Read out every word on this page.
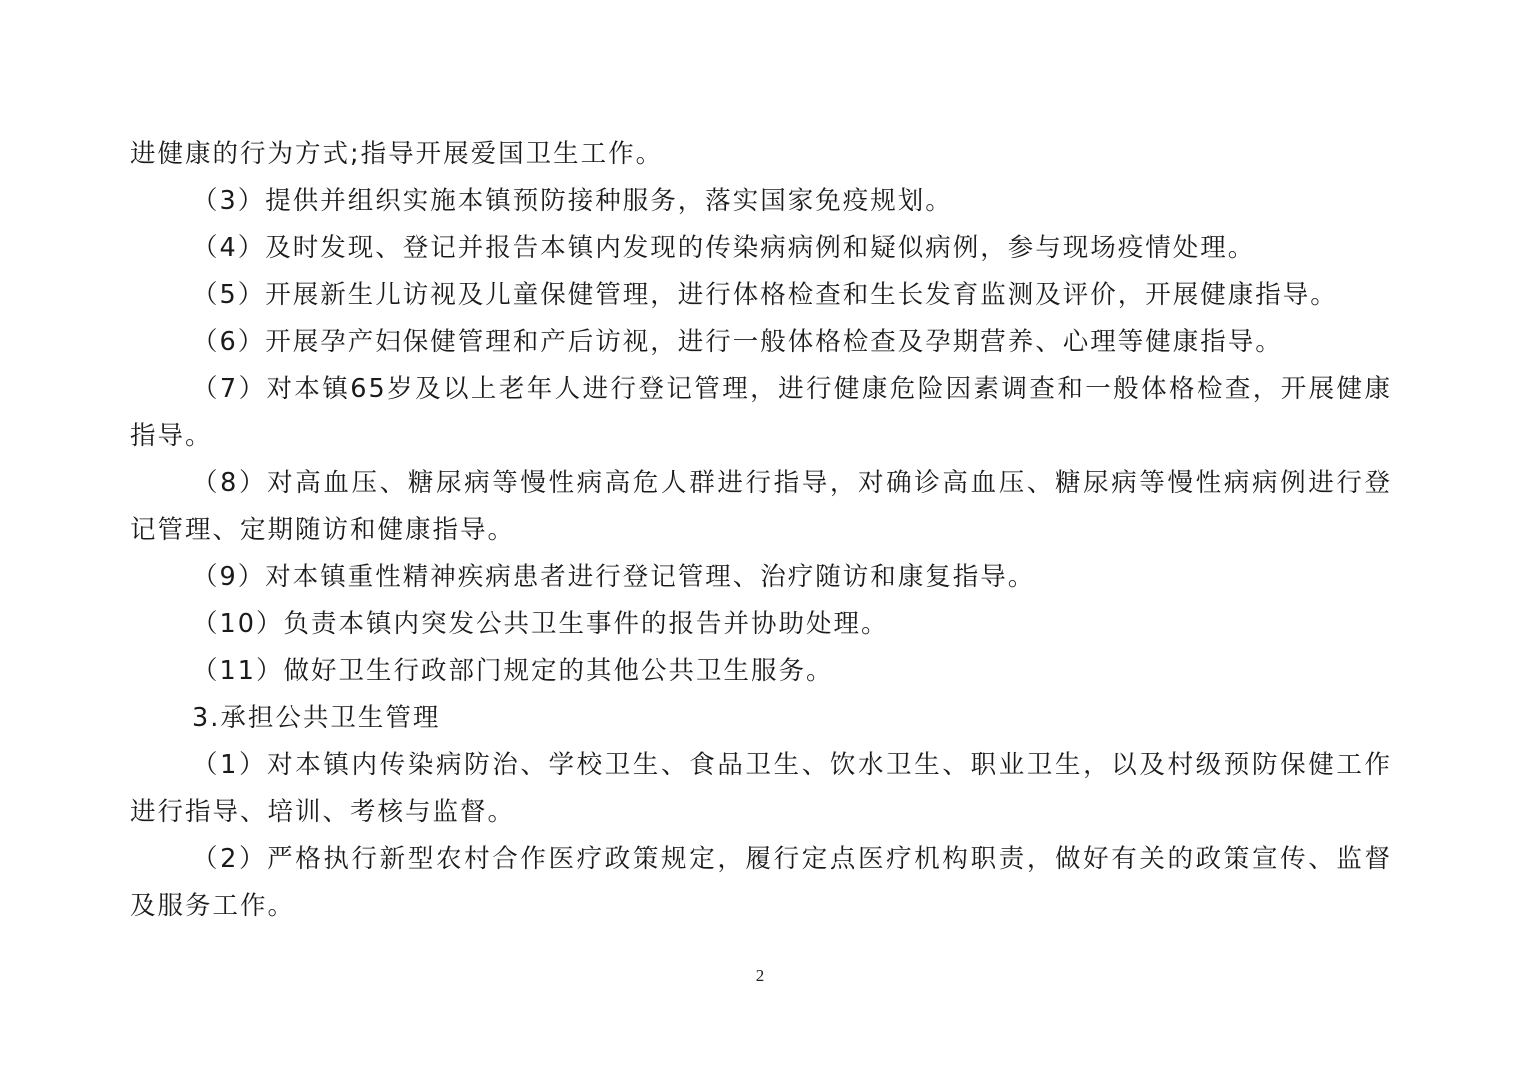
进健康的行为方式;指导开展爱国卫生工作。

（3）提供并组织实施本镇预防接种服务，落实国家免疫规划。

（4）及时发现、登记并报告本镇内发现的传染病病例和疑似病例，参与现场疫情处理。

（5）开展新生儿访视及儿童保健管理，进行体格检查和生长发育监测及评价，开展健康指导。

（6）开展孕产妇保健管理和产后访视，进行一般体格检查及孕期营养、心理等健康指导。

（7）对本镇65岁及以上老年人进行登记管理，进行健康危险因素调查和一般体格检查，开展健康指导。

（8）对高血压、糖尿病等慢性病高危人群进行指导，对确诊高血压、糖尿病等慢性病病例进行登记管理、定期随访和健康指导。

（9）对本镇重性精神疾病患者进行登记管理、治疗随访和康复指导。

（10）负责本镇内突发公共卫生事件的报告并协助处理。

（11）做好卫生行政部门规定的其他公共卫生服务。

3.承担公共卫生管理

（1）对本镇内传染病防治、学校卫生、食品卫生、饮水卫生、职业卫生，以及村级预防保健工作进行指导、培训、考核与监督。

（2）严格执行新型农村合作医疗政策规定，履行定点医疗机构职责，做好有关的政策宣传、监督及服务工作。

2
